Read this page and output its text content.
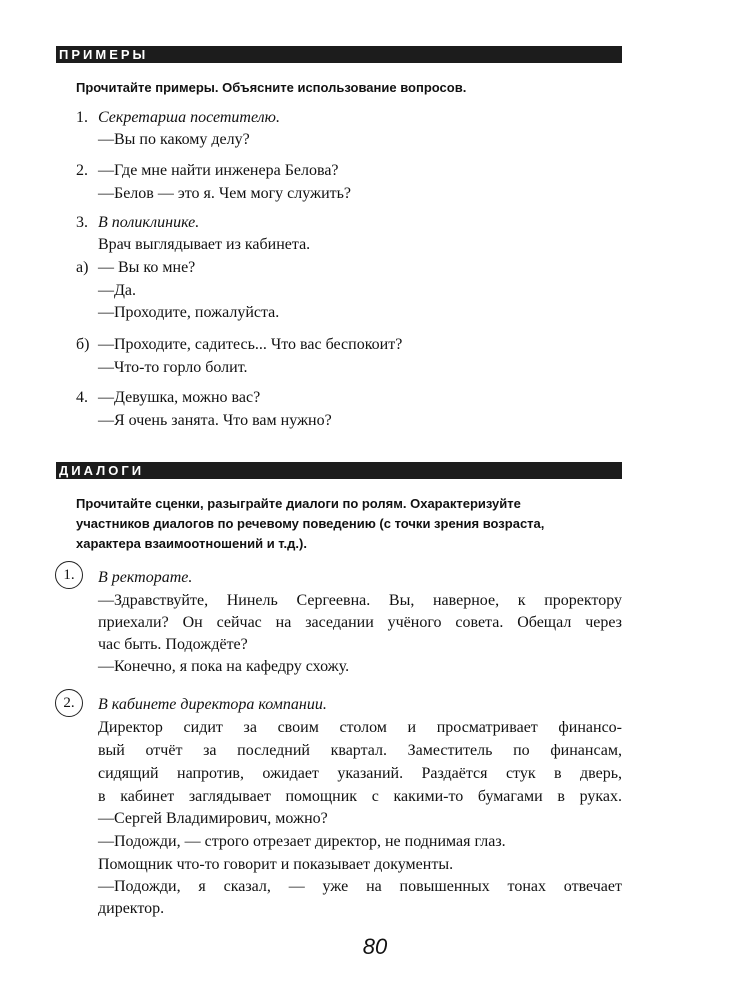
ПРИМЕРЫ
Прочитайте примеры. Объясните использование вопросов.
1. Секретарша посетителю.
—Вы по какому делу?
2. —Где мне найти инженера Белова?
—Белов — это я. Чем могу служить?
3. В поликлинике.
Врач выглядывает из кабинета.
а) — Вы ко мне?
—Да.
—Проходите, пожалуйста.
б) —Проходите, садитесь... Что вас беспокоит?
—Что-то горло болит.
4. —Девушка, можно вас?
—Я очень занята. Что вам нужно?
ДИАЛОГИ
Прочитайте сценки, разыграйте диалоги по ролям. Охарактеризуйте
участников диалогов по речевому поведению (с точки зрения возраста,
характера взаимоотношений и т.д.).
1.	В ректорате.
—Здравствуйте, Нинель Сергеевна. Вы, наверное, к проректору
приехали? Он сейчас на заседании учёного совета. Обещал через
час быть. Подождёте?
—Конечно, я пока на кафедру схожу.
2.	В кабинете директора компании.
Директор сидит за своим столом и просматривает финансо-
вый отчёт за последний квартал. Заместитель по финансам,
сидящий напротив, ожидает указаний. Раздаётся стук в дверь,
в кабинет заглядывает помощник с какими-то бумагами в руках.
—Сергей Владимирович, можно?
—Подожди, — строго отрезает директор, не поднимая глаз.
Помощник что-то говорит и показывает документы.
—Подожди, я сказал, — уже на повышенных тонах отвечает
директор.
80
